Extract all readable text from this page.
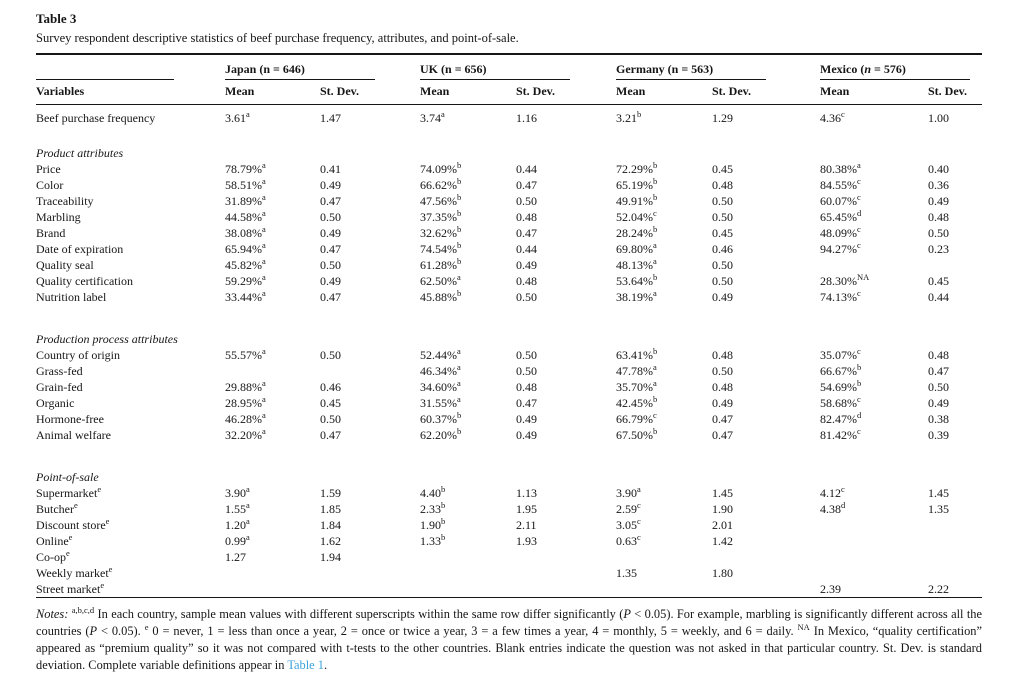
Table 3
Survey respondent descriptive statistics of beef purchase frequency, attributes, and point-of-sale.

	Japan (n = 646)		UK (n = 656)		Germany (n = 563)		Mexico (n = 576)	

Variables	Mean	St. Dev.	Mean	St. Dev.	Mean	St. Dev.	Mean	St. Dev.
Beef purchase frequency	3.61$^a$	1.47	3.74$^a$	1.16	3.21$^b$	1.29	4.36$^c$	1.00

Product attributes								
Price	78.79%$^a$	0.41	74.09%$^b$	0.44	72.29%$^b$	0.45	80.38%$^a$	0.40
Color	58.51%$^a$	0.49	66.62%$^b$	0.47	65.19%$^b$	0.48	84.55%$^c$	0.36
Traceability	31.89%$^a$	0.47	47.56%$^b$	0.50	49.91%$^b$	0.50	60.07%$^c$	0.49
Marbling	44.58%$^a$	0.50	37.35%$^b$	0.48	52.04%$^c$	0.50	65.45%$^d$	0.48
Brand	38.08%$^a$	0.49	32.62%$^b$	0.47	28.24%$^b$	0.45	48.09%$^c$	0.50
Date of expiration	65.94%$^a$	0.47	74.54%$^b$	0.44	69.80%$^a$	0.46	94.27%$^c$	0.23
Quality seal	45.82%$^a$	0.50	61.28%$^b$	0.49	48.13%$^a$	0.50		
Quality certification	59.29%$^a$	0.49	62.50%$^a$	0.48	53.64%$^b$	0.50	28.30%$^{NA}$	0.45
Nutrition label	33.44%$^a$	0.47	45.88%$^b$	0.50	38.19%$^a$	0.49	74.13%$^c$	0.44

Production process attributes								
Country of origin	55.57%$^a$	0.50	52.44%$^a$	0.50	63.41%$^b$	0.48	35.07%$^c$	0.48
Grass-fed			46.34%$^a$	0.50	47.78%$^a$	0.50	66.67%$^b$	0.47
Grain-fed	29.88%$^a$	0.46	34.60%$^a$	0.48	35.70%$^a$	0.48	54.69%$^b$	0.50
Organic	28.95%$^a$	0.45	31.55%$^a$	0.47	42.45%$^b$	0.49	58.68%$^c$	0.49
Hormone-free	46.28%$^a$	0.50	60.37%$^b$	0.49	66.79%$^c$	0.47	82.47%$^d$	0.38
Animal welfare	32.20%$^a$	0.47	62.20%$^b$	0.49	67.50%$^b$	0.47	81.42%$^c$	0.39

Point-of-sale								
Supermarket$^e$	3.90$^a$	1.59	4.40$^b$	1.13	3.90$^a$	1.45	4.12$^c$	1.45
Butcher$^e$	1.55$^a$	1.85	2.33$^b$	1.95	2.59$^c$	1.90	4.38$^d$	1.35
Discount store$^e$	1.20$^a$	1.84	1.90$^b$	2.11	3.05$^c$	2.01		
Online$^e$	0.99$^a$	1.62	1.33$^b$	1.93	0.63$^c$	1.42		
$Co-op^e$	1.27	1.94						
Weekly market$^e$					1.35	1.80		
Street market$^e$							2.39	2.22

Notes: $^{a,b,c,d}$ In each country, sample mean values with different superscripts within the same row differ significantly (P < 0.05). For example, marbling is significantly different across all the countries (P < 0.05). $^e$ 0 = never, 1 = less than once a year, 2 = once or twice a year, 3 = a few times a year, 4 = monthly, 5 = weekly, and 6 = daily. $^{NA}$ In Mexico, “quality certification” appeared as “premium quality” so it was not compared with t-tests to the other countries. Blank entries indicate the question was not asked in that particular country. St. Dev. is standard deviation. Complete variable definitions appear in Table 1.
